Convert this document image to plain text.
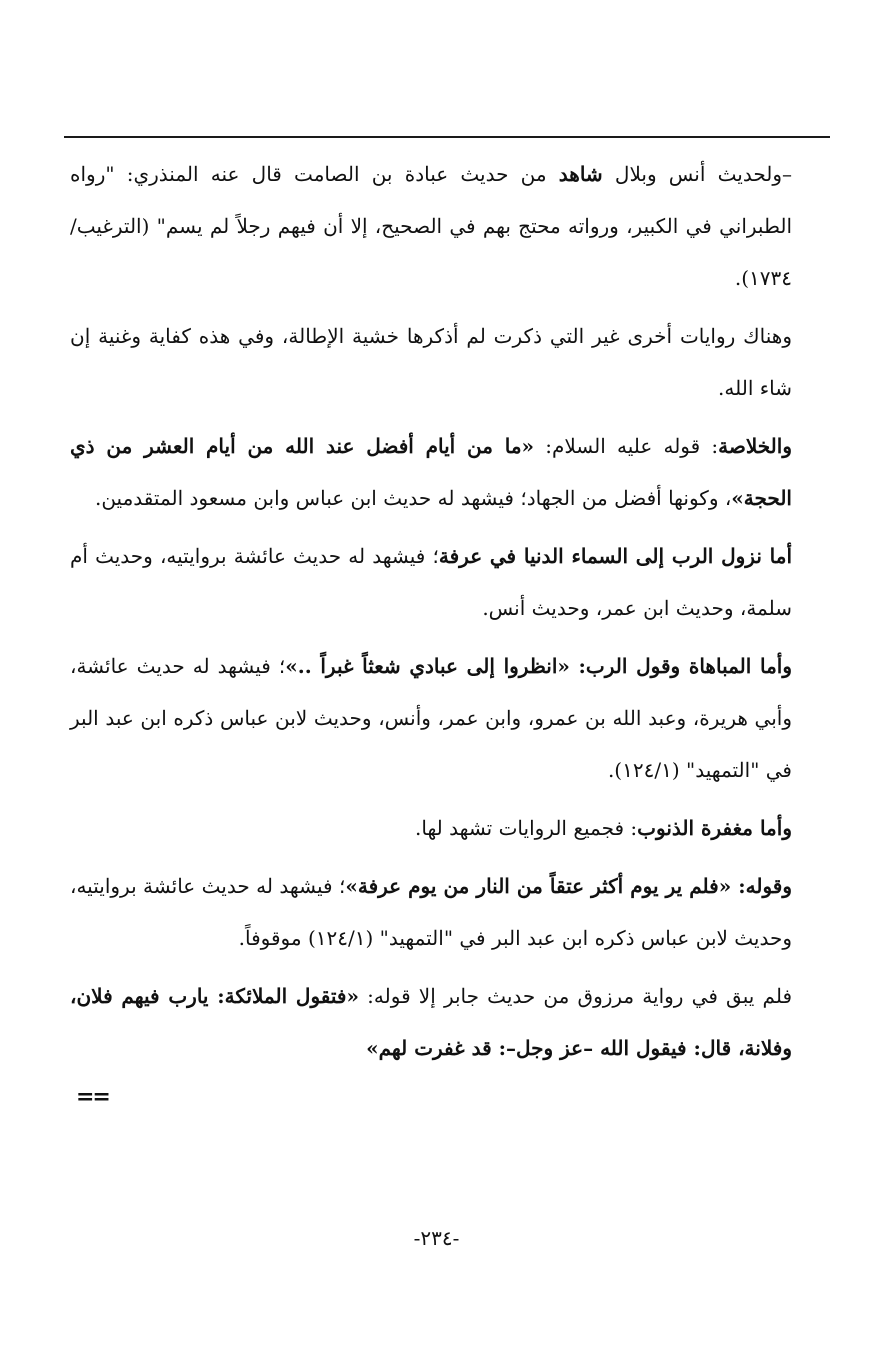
–ولحديث أنس وبلال شاهد من حديث عبادة بن الصامت قال عنه المنذري: "رواه الطبراني في الكبير، ورواته محتج بهم في الصحيح، إلا أن فيهم رجلاً لم يسم" (الترغيب/١٧٣٤).

وهناك روايات أخرى غير التي ذكرت لم أذكرها خشية الإطالة، وفي هذه كفاية وغنية إن شاء الله.

والخلاصة: قوله عليه السلام: «ما من أيام أفضل عند الله من أيام العشر من ذي الحجة»، وكونها أفضل من الجهاد؛ فيشهد له حديث ابن عباس وابن مسعود المتقدمين.

أما نزول الرب إلى السماء الدنيا في عرفة؛ فيشهد له حديث عائشة بروايتيه، وحديث أم سلمة، وحديث ابن عمر، وحديث أنس.

وأما المباهاة وقول الرب: «انظروا إلى عبادي شعثاً غبراً ..»؛ فيشهد له حديث عائشة، وأبي هريرة، وعبد الله بن عمرو، وابن عمر، وأنس، وحديث لابن عباس ذكره ابن عبد البر في "التمهيد" (١٢٤/١).

وأما مغفرة الذنوب: فجميع الروايات تشهد لها.

وقوله: «فلم ير يوم أكثر عتقاً من النار من يوم عرفة»؛ فيشهد له حديث عائشة بروايتيه، وحديث لابن عباس ذكره ابن عبد البر في "التمهيد" (١٢٤/١) موقوفاً.

فلم يبق في رواية مرزوق من حديث جابر إلا قوله: «فتقول الملائكة: يارب فيهم فلان، وفلانة، قال: فيقول الله –عز وجل–: قد غفرت لهم»

==
-٢٣٤-
